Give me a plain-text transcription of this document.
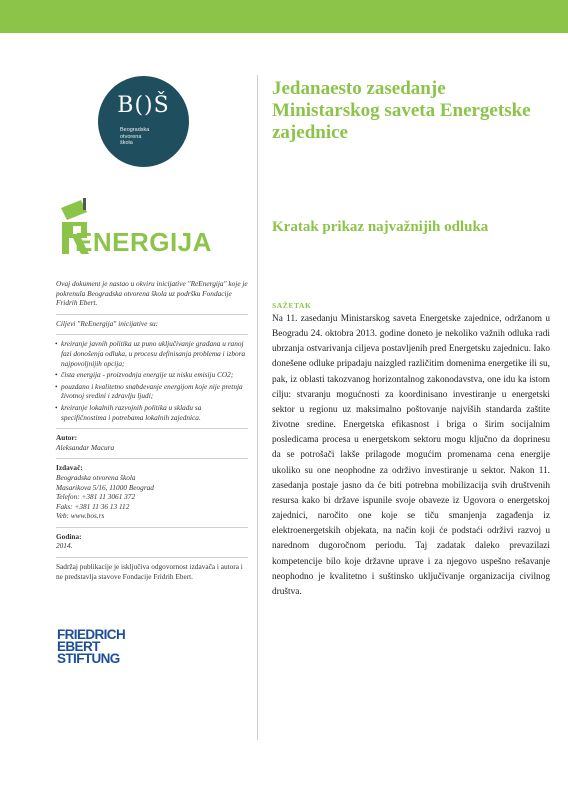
B()Š
Beogradska
otvorena
škola
ENERGIJA

Ovaj dokument je nastao u okviru inicijative "ReEnergija" koje je pokrenula Beogradska otvorena škola uz podršku Fondacije Fridrih Ebert.

Ciljevi "ReEnergija" inicijative su:

• kreiranje javnih politika uz puno uključivanje građana u ranoj fazi donošenja odluka, u procesu definisanja problema i izbora najpovoljnijih opcija;
• čista energija - proizvodnja energije uz nisku emisiju CO2;
• pouzdano i kvalitetno snabdevanje energijom koje nije pretnja životnoj sredini i zdravlju ljudi;
• kreiranje lokalnih razvojnih politika u skladu sa specifičnostima i potrebama lokalnih zajednica.
Autor:
Aleksandar Macura
Izdavač:
Beogradska otvorena škola
Masarikova 5/16, 11000 Beograd
Telefon: +381 11 3061 372
Faks: +381 11 36 13 112
Veb: www.bos.rs
Godina:
2014.

Sadržaj publikacije je isključiva odgovornost izdavača i autora i ne predstavlja stavove Fondacije Fridrih Ebert.

FRIEDRICH
EBERT
STIFTUNG
Jedanaesto zasedanje Ministarskog saveta Energetske zajednice
Kratak prikaz najvažnijih odluka
SAŽETAK

Na 11. zasedanju Ministarskog saveta Energetske zajednice, održanom u Beogradu 24. oktobra 2013. godine doneto je nekoliko važnih odluka radi ubrzanja ostvarivanja ciljeva postavljenih pred Energetsku zajednicu. Iako donešene odluke pripadaju naizgled različitim domenima energetike ili su, pak, iz oblasti takozvanog horizontalnog zakonodavstva, one idu ka istom cilju: stvaranju mogućnosti za koordinisano investiranje u energetski sektor u regionu uz maksimalno poštovanje najviših standarda zaštite životne sredine. Energetska efikasnost i briga o širim socijalnim posledicama procesa u energetskom sektoru mogu ključno da doprinesu da se potrošači lakše prilagode mogućim promenama cena energije ukoliko su one neophodne za održivo investiranje u sektor. Nakon 11. zasedanja postaje jasno da će biti potrebna mobilizacija svih društvenih resursa kako bi države ispunile svoje obaveze iz Ugovora o energetskoj zajednici, naročito one koje se tiču smanjenja zagađenja iz elektroenergetskih objekata, na način koji će podstaći održivi razvoj u narednom dugoročnom periodu. Taj zadatak daleko prevazilazi kompetencije bilo koje državne uprave i za njegovo uspešno rešavanje neophodno je kvalitetno i suštinsko uključivanje organizacija civilnog društva.
